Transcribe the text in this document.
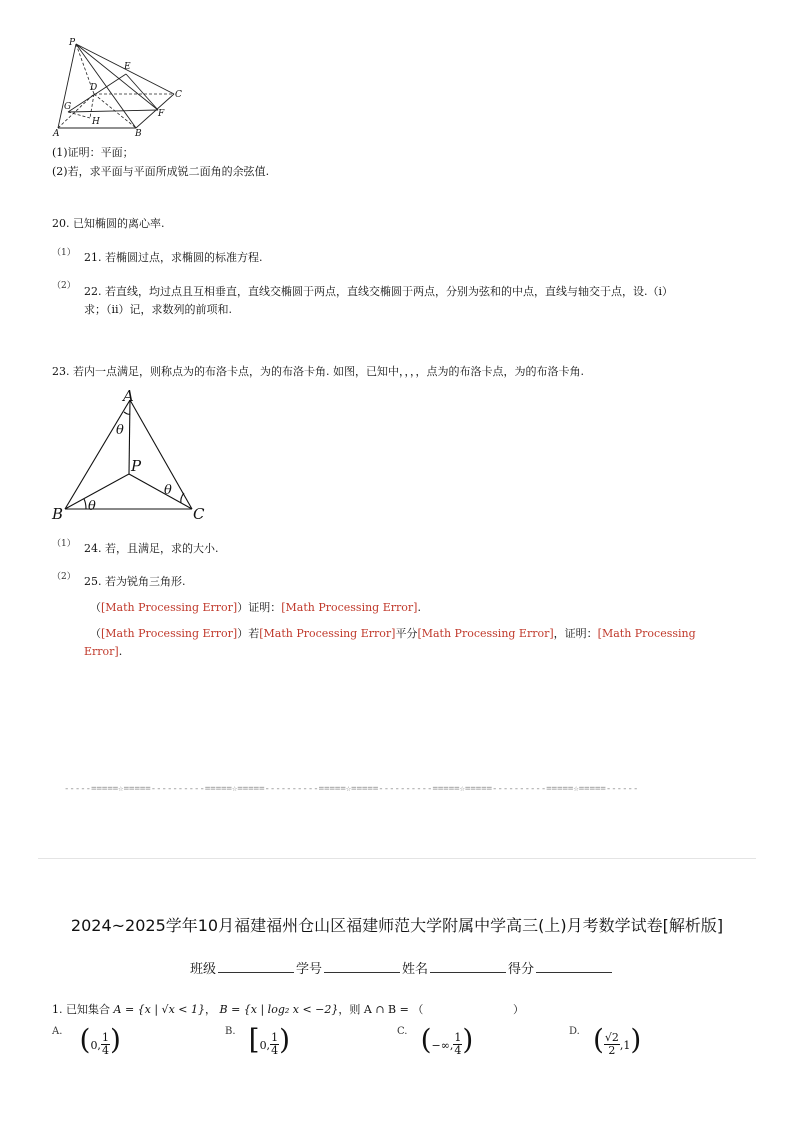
P
E
D
C
G
F
H
A	B
(1)证明：平面；
(2)若，求平面与平面所成锐二面角的余弦值.
20. 已知椭圆的离心率.
（1） 21. 若椭圆过点，求椭圆的标准方程.
（2） 22. 若直线，均过点且互相垂直，直线交椭圆于两点，直线交椭圆于两点，分别为弦和的中点，直线与轴交于点，设.（ⅰ）
求；（ⅱ）记，求数列的前项和.
23. 若内一点满足，则称点为的布洛卡点，为的布洛卡角. 如图，已知中，，，，点为的布洛卡点，为的布洛卡角.
A
B	C
P
θ
θ
θ
（1） 24. 若，且满足，求的大小.
（2） 25. 若为锐角三角形.
（[Math Processing Error]）证明：[Math Processing Error].
（[Math Processing Error]）若[Math Processing Error]平分[Math Processing Error]，证明：[Math Processing
Error].
-----=====☆=====----------=====☆=====----------=====☆=====----------=====☆=====----------=====☆=====------
2024~2025学年10月福建福州仓山区福建师范大学附属中学高三(上)月考数学试卷[解析版]
班级	学号	姓名	得分
1. 已知集合 A = {x | √x < 1}， B = {x | log₂ x < −2}，则 A ∩ B = （	）
$^{A.}$ (0, $\frac{1}{4}$ )	$^{B.}$ [0, $\frac{1}{4}$ )	$^{C.}$ (−∞, $\frac{1}{4}$ )	$^{D.}$ ( $\frac{√2}{2} ,1$)
